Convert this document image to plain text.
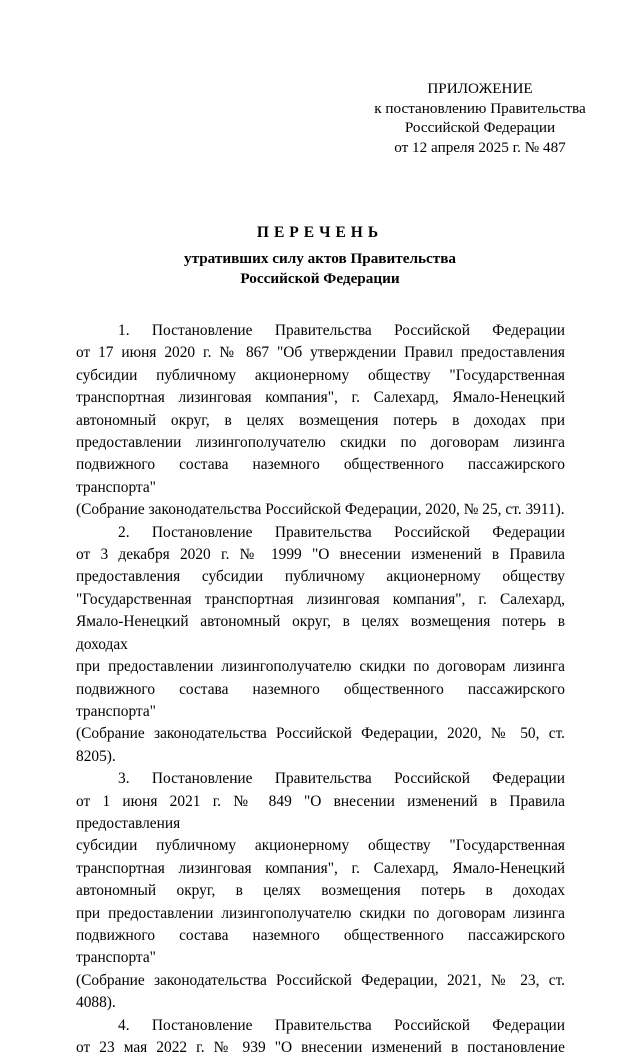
ПРИЛОЖЕНИЕ
к постановлению Правительства
Российской Федерации
от 12 апреля 2025 г. № 487
ПЕРЕЧЕНЬ
утративших силу актов Правительства
Российской Федерации

1. Постановление Правительства Российской Федерации
от 17 июня 2020 г. № 867 "Об утверждении Правил предоставления
субсидии публичному акционерному обществу "Государственная
транспортная лизинговая компания", г. Салехард, Ямало-Ненецкий
автономный округ, в целях возмещения потерь в доходах при
предоставлении лизингополучателю скидки по договорам лизинга
подвижного состава наземного общественного пассажирского транспорта"
(Собрание законодательства Российской Федерации, 2020, № 25, ст. 3911).

2. Постановление Правительства Российской Федерации
от 3 декабря 2020 г. № 1999 "О внесении изменений в Правила
предоставления субсидии публичному акционерному обществу
"Государственная транспортная лизинговая компания", г. Салехард,
Ямало-Ненецкий автономный округ, в целях возмещения потерь в доходах
при предоставлении лизингополучателю скидки по договорам лизинга
подвижного состава наземного общественного пассажирского транспорта"
(Собрание законодательства Российской Федерации, 2020, № 50, ст. 8205).

3. Постановление Правительства Российской Федерации
от 1 июня 2021 г. № 849 "О внесении изменений в Правила предоставления
субсидии публичному акционерному обществу "Государственная
транспортная лизинговая компания", г. Салехард, Ямало-Ненецкий
автономный округ, в целях возмещения потерь в доходах
при предоставлении лизингополучателю скидки по договорам лизинга
подвижного состава наземного общественного пассажирского транспорта"
(Собрание законодательства Российской Федерации, 2021, № 23, ст. 4088).

4. Постановление Правительства Российской Федерации
от 23 мая 2022 г. № 939 "О внесении изменений в постановление
